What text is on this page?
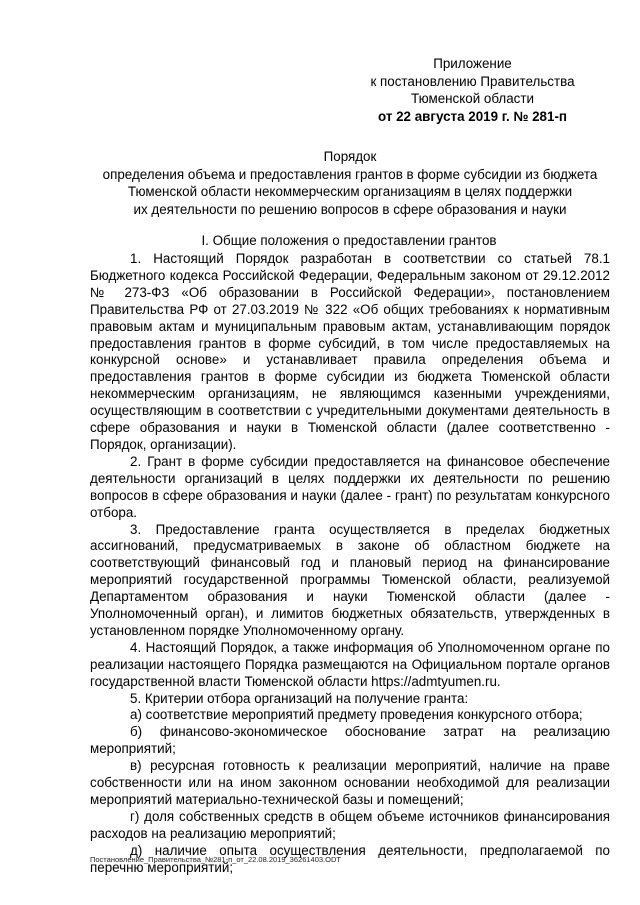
Приложение
к постановлению Правительства
Тюменской области
от 22 августа 2019 г. № 281-п
Порядок
определения объема и предоставления грантов в форме субсидии из бюджета
Тюменской области некоммерческим организациям в целях поддержки
их деятельности по решению вопросов в сфере образования и науки
I. Общие положения о предоставлении грантов

1. Настоящий Порядок разработан в соответствии со статьей 78.1 Бюджетного кодекса Российской Федерации, Федеральным законом от 29.12.2012 № 273-ФЗ «Об образовании в Российской Федерации», постановлением Правительства РФ от 27.03.2019 № 322 «Об общих требованиях к нормативным правовым актам и муниципальным правовым актам, устанавливающим порядок предоставления грантов в форме субсидий, в том числе предоставляемых на конкурсной основе» и устанавливает правила определения объема и предоставления грантов в форме субсидии из бюджета Тюменской области некоммерческим организациям, не являющимся казенными учреждениями, осуществляющим в соответствии с учредительными документами деятельность в сфере образования и науки в Тюменской области (далее соответственно - Порядок, организации).

2. Грант в форме субсидии предоставляется на финансовое обеспечение деятельности организаций в целях поддержки их деятельности по решению вопросов в сфере образования и науки (далее - грант) по результатам конкурсного отбора.

3. Предоставление гранта осуществляется в пределах бюджетных ассигнований, предусматриваемых в законе об областном бюджете на соответствующий финансовый год и плановый период на финансирование мероприятий государственной программы Тюменской области, реализуемой Департаментом образования и науки Тюменской области (далее - Уполномоченный орган), и лимитов бюджетных обязательств, утвержденных в установленном порядке Уполномоченному органу.

4. Настоящий Порядок, а также информация об Уполномоченном органе по реализации настоящего Порядка размещаются на Официальном портале органов государственной власти Тюменской области https://admtyumen.ru.

5. Критерии отбора организаций на получение гранта:

а) соответствие мероприятий предмету проведения конкурсного отбора;

б) финансово-экономическое обоснование затрат на реализацию мероприятий;

в) ресурсная готовность к реализации мероприятий, наличие на праве собственности или на ином законном основании необходимой для реализации мероприятий материально-технической базы и помещений;

г) доля собственных средств в общем объеме источников финансирования расходов на реализацию мероприятий;

д) наличие опыта осуществления деятельности, предполагаемой по перечню мероприятий;

Постановление_Правительства_№281-п_от_22.08.2019_36261403.ODT
